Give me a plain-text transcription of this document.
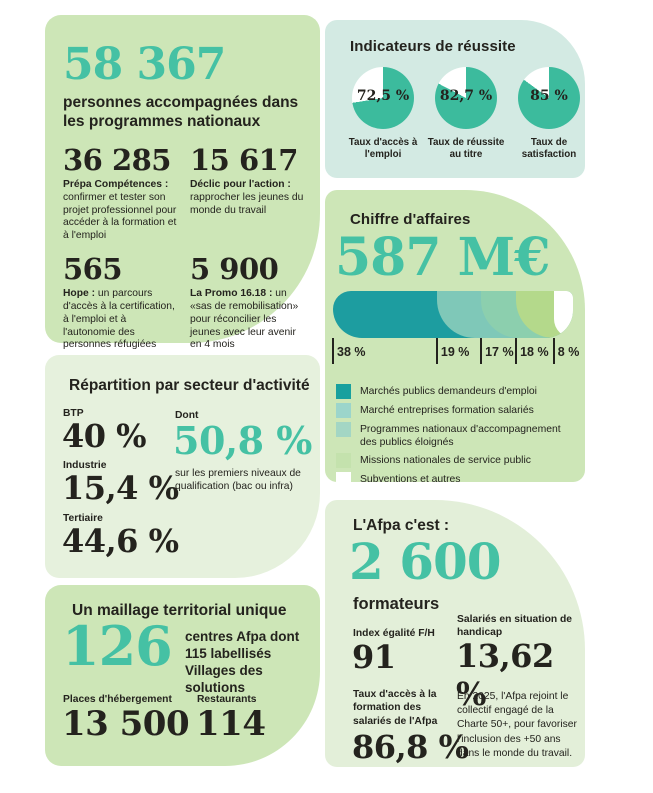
58 367
personnes accompagnées dans les programmes nationaux
36 285
Prépa Compétences : confirmer et tester son projet professionnel pour accéder à la formation et à l'emploi
15 617
Déclic pour l'action : rapprocher les jeunes du monde du travail
565
Hope : un parcours d'accès à la certification, à l'emploi et à l'autonomie des personnes réfugiées
5 900
La Promo 16.18 : un «sas de remobilisation» pour réconcilier les jeunes avec leur avenir en 4 mois
Indicateurs de réussite
72,5 %
Taux d'accès à l'emploi
82,7 %
Taux de réussite au titre
85 %
Taux de satisfaction
Chiffre d'affaires
587 M€
38 %	19 % 17 % 18 % 8 %
Marchés publics demandeurs d'emploi
Marché entreprises formation salariés
Programmes nationaux d'accompagnement des publics éloignés
Missions nationales de service public
Subventions et autres
Répartition par secteur d'activité
BTP
40 %
Industrie
15,4 %
Tertiaire
44,6 %
Dont
50,8 %
sur les premiers niveaux de qualification (bac ou infra)
L'Afpa c'est :
2 600
formateurs
Index égalité F/H
91
Salariés en situation de handicap
13,62 %
Taux d'accès à la formation des salariés de l'Afpa
86,8 %
En 2025, l'Afpa rejoint le collectif engagé de la Charte 50+, pour favoriser l'inclusion des +50 ans dans le monde du travail.
Un maillage territorial unique
126 centres Afpa dont 115 labellisés Villages des solutions
Places d'hébergement
13 500
Restaurants
114
